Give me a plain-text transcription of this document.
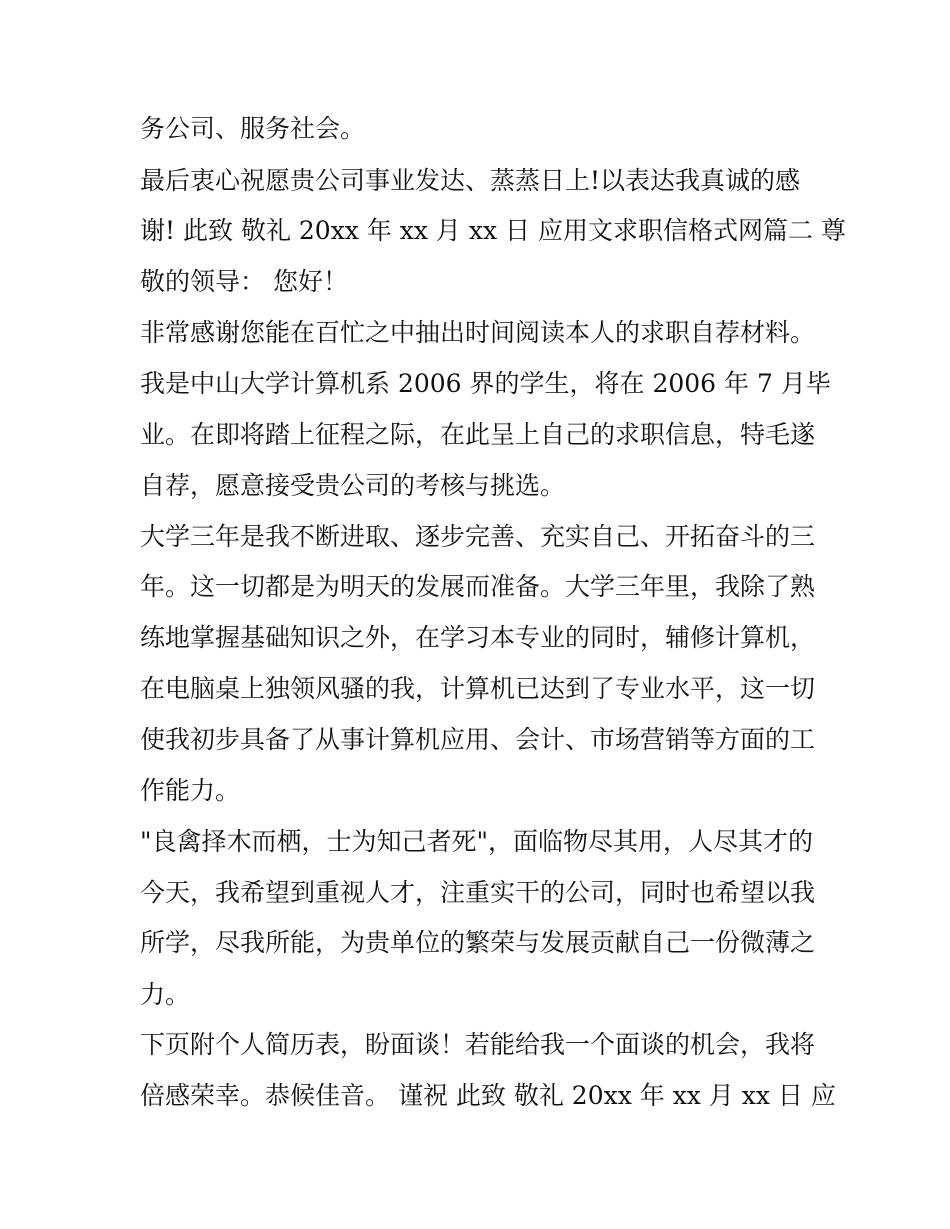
务公司、服务社会。
最后衷心祝愿贵公司事业发达、蒸蒸日上!以表达我真诚的感
谢! 此致 敬礼 20xx 年 xx 月 xx 日 应用文求职信格式网篇二 尊
敬的领导： 您好！
非常感谢您能在百忙之中抽出时间阅读本人的求职自荐材料。
我是中山大学计算机系 2006 界的学生，将在 2006 年 7 月毕
业。在即将踏上征程之际，在此呈上自己的求职信息，特毛遂
自荐，愿意接受贵公司的考核与挑选。
大学三年是我不断进取、逐步完善、充实自己、开拓奋斗的三
年。这一切都是为明天的发展而准备。大学三年里，我除了熟
练地掌握基础知识之外，在学习本专业的同时，辅修计算机，
在电脑桌上独领风骚的我，计算机已达到了专业水平，这一切
使我初步具备了从事计算机应用、会计、市场营销等方面的工
作能力。
"良禽择木而栖，士为知己者死"，面临物尽其用，人尽其才的
今天，我希望到重视人才，注重实干的公司，同时也希望以我
所学，尽我所能，为贵单位的繁荣与发展贡献自己一份微薄之
力。
下页附个人简历表，盼面谈！若能给我一个面谈的机会，我将
倍感荣幸。恭候佳音。 谨祝 此致 敬礼 20xx 年 xx 月 xx 日 应
